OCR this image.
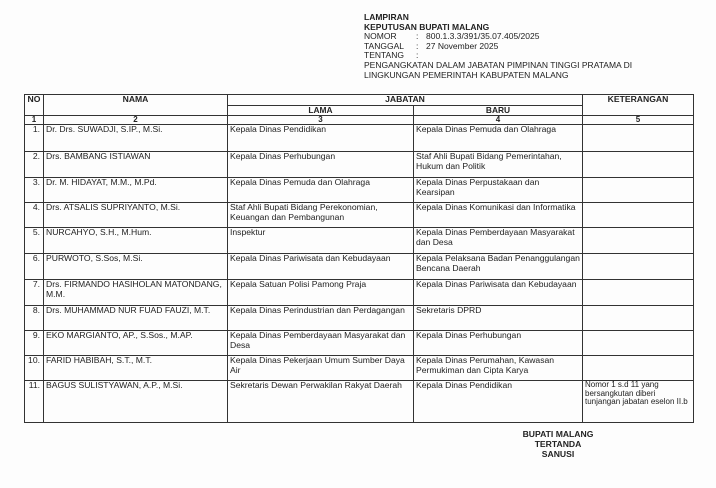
LAMPIRAN
KEPUTUSAN BUPATI MALANG
NOMOR	: 800.1.3.3/391/35.07.405/2025
TANGGAL	: 27 November 2025
TENTANG	:
PENGANGKATAN DALAM JABATAN PIMPINAN TINGGI PRATAMA DI
LINGKUNGAN PEMERINTAH KABUPATEN MALANG
NO	NAMA	JABATAN		KETERANGAN
		LAMA	BARU	
1	2	3	4	5
1.	Dr. Drs. SUWADJI, S.IP., M.Si.	Kepala Dinas Pendidikan	Kepala Dinas Pemuda dan Olahraga	
2.	Drs. BAMBANG ISTIAWAN	Kepala Dinas Perhubungan	Staf Ahli Bupati Bidang Pemerintahan, Hukum dan Politik	
3.	Dr. M. HIDAYAT, M.M., M.Pd.	Kepala Dinas Pemuda dan Olahraga	Kepala Dinas Perpustakaan dan Kearsipan	
4.	Drs. ATSALIS SUPRIYANTO, M.Si.	Staf Ahli Bupati Bidang Perekonomian, Keuangan dan Pembangunan	Kepala Dinas Komunikasi dan Informatika	
5.	NURCAHYO, S.H., M.Hum.	Inspektur	Kepala Dinas Pemberdayaan Masyarakat dan Desa	
6.	PURWOTO, S.Sos, M.Si.	Kepala Dinas Pariwisata dan Kebudayaan	Kepala Pelaksana Badan Penanggulangan Bencana Daerah	
7.	Drs. FIRMANDO HASIHOLAN MATONDANG, M.M.	Kepala Satuan Polisi Pamong Praja	Kepala Dinas Pariwisata dan Kebudayaan	
8.	Drs. MUHAMMAD NUR FUAD FAUZI, M.T.	Kepala Dinas Perindustrian dan Perdagangan	Sekretaris DPRD	
9.	EKO MARGIANTO, AP., S.Sos., M.AP.	Kepala Dinas Pemberdayaan Masyarakat dan Desa	Kepala Dinas Perhubungan	
10.	FARID HABIBAH, S.T., M.T.	Kepala Dinas Pekerjaan Umum Sumber Daya Air	Kepala Dinas Perumahan, Kawasan Permukiman dan Cipta Karya	
11.	BAGUS SULISTYAWAN, A.P., M.Si.	Sekretaris Dewan Perwakilan Rakyat Daerah	Kepala Dinas Pendidikan	Nomor 1 s.d 11 yang bersangkutan diberi tunjangan jabatan eselon II.b
BUPATI MALANG
TERTANDA
SANUSI
